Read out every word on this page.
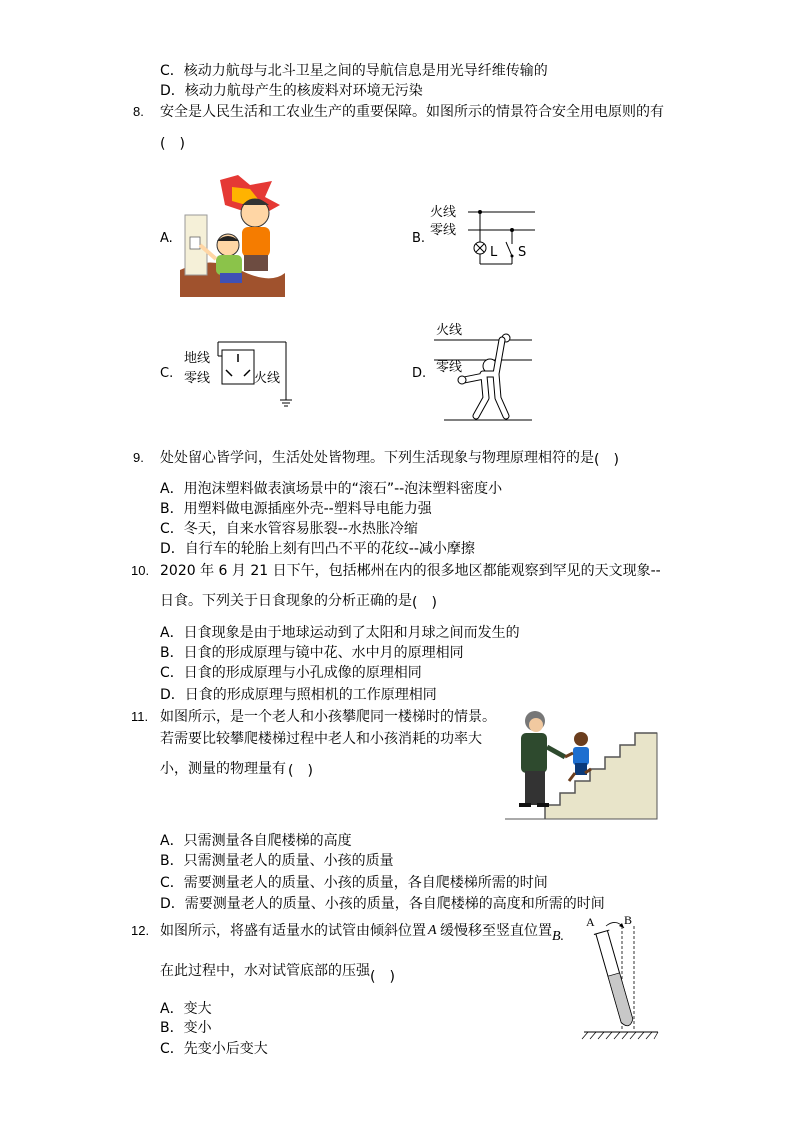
C．核动力航母与北斗卫星之间的导航信息是用光导纤维传输的
D．核动力航母产生的核废料对环境无污染
8. 安全是人民生活和工农业生产的重要保障。如图所示的情景符合安全用电原则的有
(　)
A.	B.
火线
零线
L S
C.
地线
零线	火线	D.
火线
零线
9. 处处留心皆学问，生活处处皆物理。下列生活现象与物理原理相符的是 (　)
A．用泡沫塑料做表演场景中的“滚石”--泡沫塑料密度小
B．用塑料做电源插座外壳--塑料导电能力强
C．冬天，自来水管容易胀裂--水热胀冷缩
D．自行车的轮胎上刻有凹凸不平的花纹--减小摩擦
10. 2020 年 6 月 21 日下午，包括郴州在内的很多地区都能观察到罕见的天文现象--
日食。下列关于日食现象的分析正确的是 (　)
A．日食现象是由于地球运动到了太阳和月球之间而发生的
B．日食的形成原理与镜中花、水中月的原理相同
C．日食的形成原理与小孔成像的原理相同
D．日食的形成原理与照相机的工作原理相同
11. 如图所示，是一个老人和小孩攀爬同一楼梯时的情景。
若需要比较攀爬楼梯过程中老人和小孩消耗的功率大
小，测量的物理量有 (　)
A．只需测量各自爬楼梯的高度
B．只需测量老人的质量、小孩的质量
C．需要测量老人的质量、小孩的质量，各自爬楼梯所需的时间
D．需要测量老人的质量、小孩的质量，各自爬楼梯的高度和所需的时间
12. 如图所示，将盛有适量水的试管由倾斜位置 A 缓慢移至竖直位置 B.
在此过程中，水对试管底部的压强 (　)
A．变大
B．变小
C．先变小后变大
A B
